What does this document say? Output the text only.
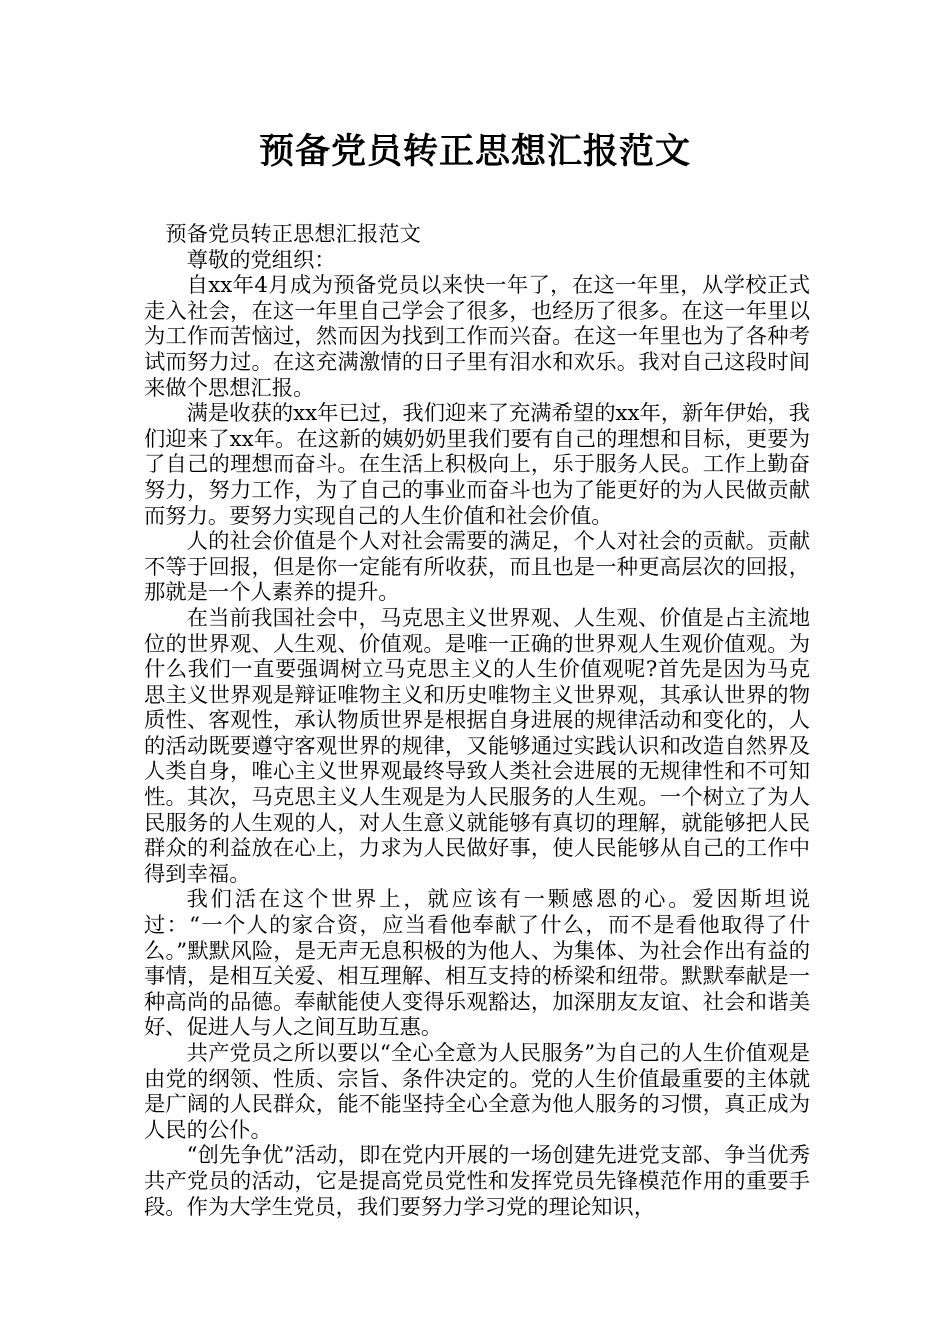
预备党员转正思想汇报范文

预备党员转正思想汇报范文

尊敬的党组织：

自xx年4月成为预备党员以来快一年了，在这一年里，从学校正式走入社会，在这一年里自己学会了很多，也经历了很多。在这一年里以为工作而苦恼过，然而因为找到工作而兴奋。在这一年里也为了各种考试而努力过。在这充满激情的日子里有泪水和欢乐。我对自己这段时间来做个思想汇报。

满是收获的xx年已过，我们迎来了充满希望的xx年，新年伊始，我们迎来了xx年。在这新的姨奶奶里我们要有自己的理想和目标，更要为了自己的理想而奋斗。在生活上积极向上，乐于服务人民。工作上勤奋努力，努力工作，为了自己的事业而奋斗也为了能更好的为人民做贡献而努力。要努力实现自己的人生价值和社会价值。

人的社会价值是个人对社会需要的满足，个人对社会的贡献。贡献不等于回报，但是你一定能有所收获，而且也是一种更高层次的回报，那就是一个人素养的提升。

在当前我国社会中，马克思主义世界观、人生观、价值是占主流地位的世界观、人生观、价值观。是唯一正确的世界观人生观价值观。为什么我们一直要强调树立马克思主义的人生价值观呢?首先是因为马克思主义世界观是辩证唯物主义和历史唯物主义世界观，其承认世界的物质性、客观性，承认物质世界是根据自身进展的规律活动和变化的，人的活动既要遵守客观世界的规律，又能够通过实践认识和改造自然界及人类自身，唯心主义世界观最终导致人类社会进展的无规律性和不可知性。其次，马克思主义人生观是为人民服务的人生观。一个树立了为人民服务的人生观的人，对人生意义就能够有真切的理解，就能够把人民群众的利益放在心上，力求为人民做好事，使人民能够从自己的工作中得到幸福。

我们活在这个世界上，就应该有一颗感恩的心。爱因斯坦说过：“一个人的家合资，应当看他奉献了什么，而不是看他取得了什么。”默默风险，是无声无息积极的为他人、为集体、为社会作出有益的事情，是相互关爱、相互理解、相互支持的桥梁和纽带。默默奉献是一种高尚的品德。奉献能使人变得乐观豁达，加深朋友友谊、社会和谐美好、促进人与人之间互助互惠。

共产党员之所以要以“全心全意为人民服务”为自己的人生价值观是由党的纲领、性质、宗旨、条件决定的。党的人生价值最重要的主体就是广阔的人民群众，能不能坚持全心全意为他人服务的习惯，真正成为人民的公仆。

“创先争优”活动，即在党内开展的一场创建先进党支部、争当优秀共产党员的活动，它是提高党员党性和发挥党员先锋模范作用的重要手段。作为大学生党员，我们要努力学习党的理论知识，
